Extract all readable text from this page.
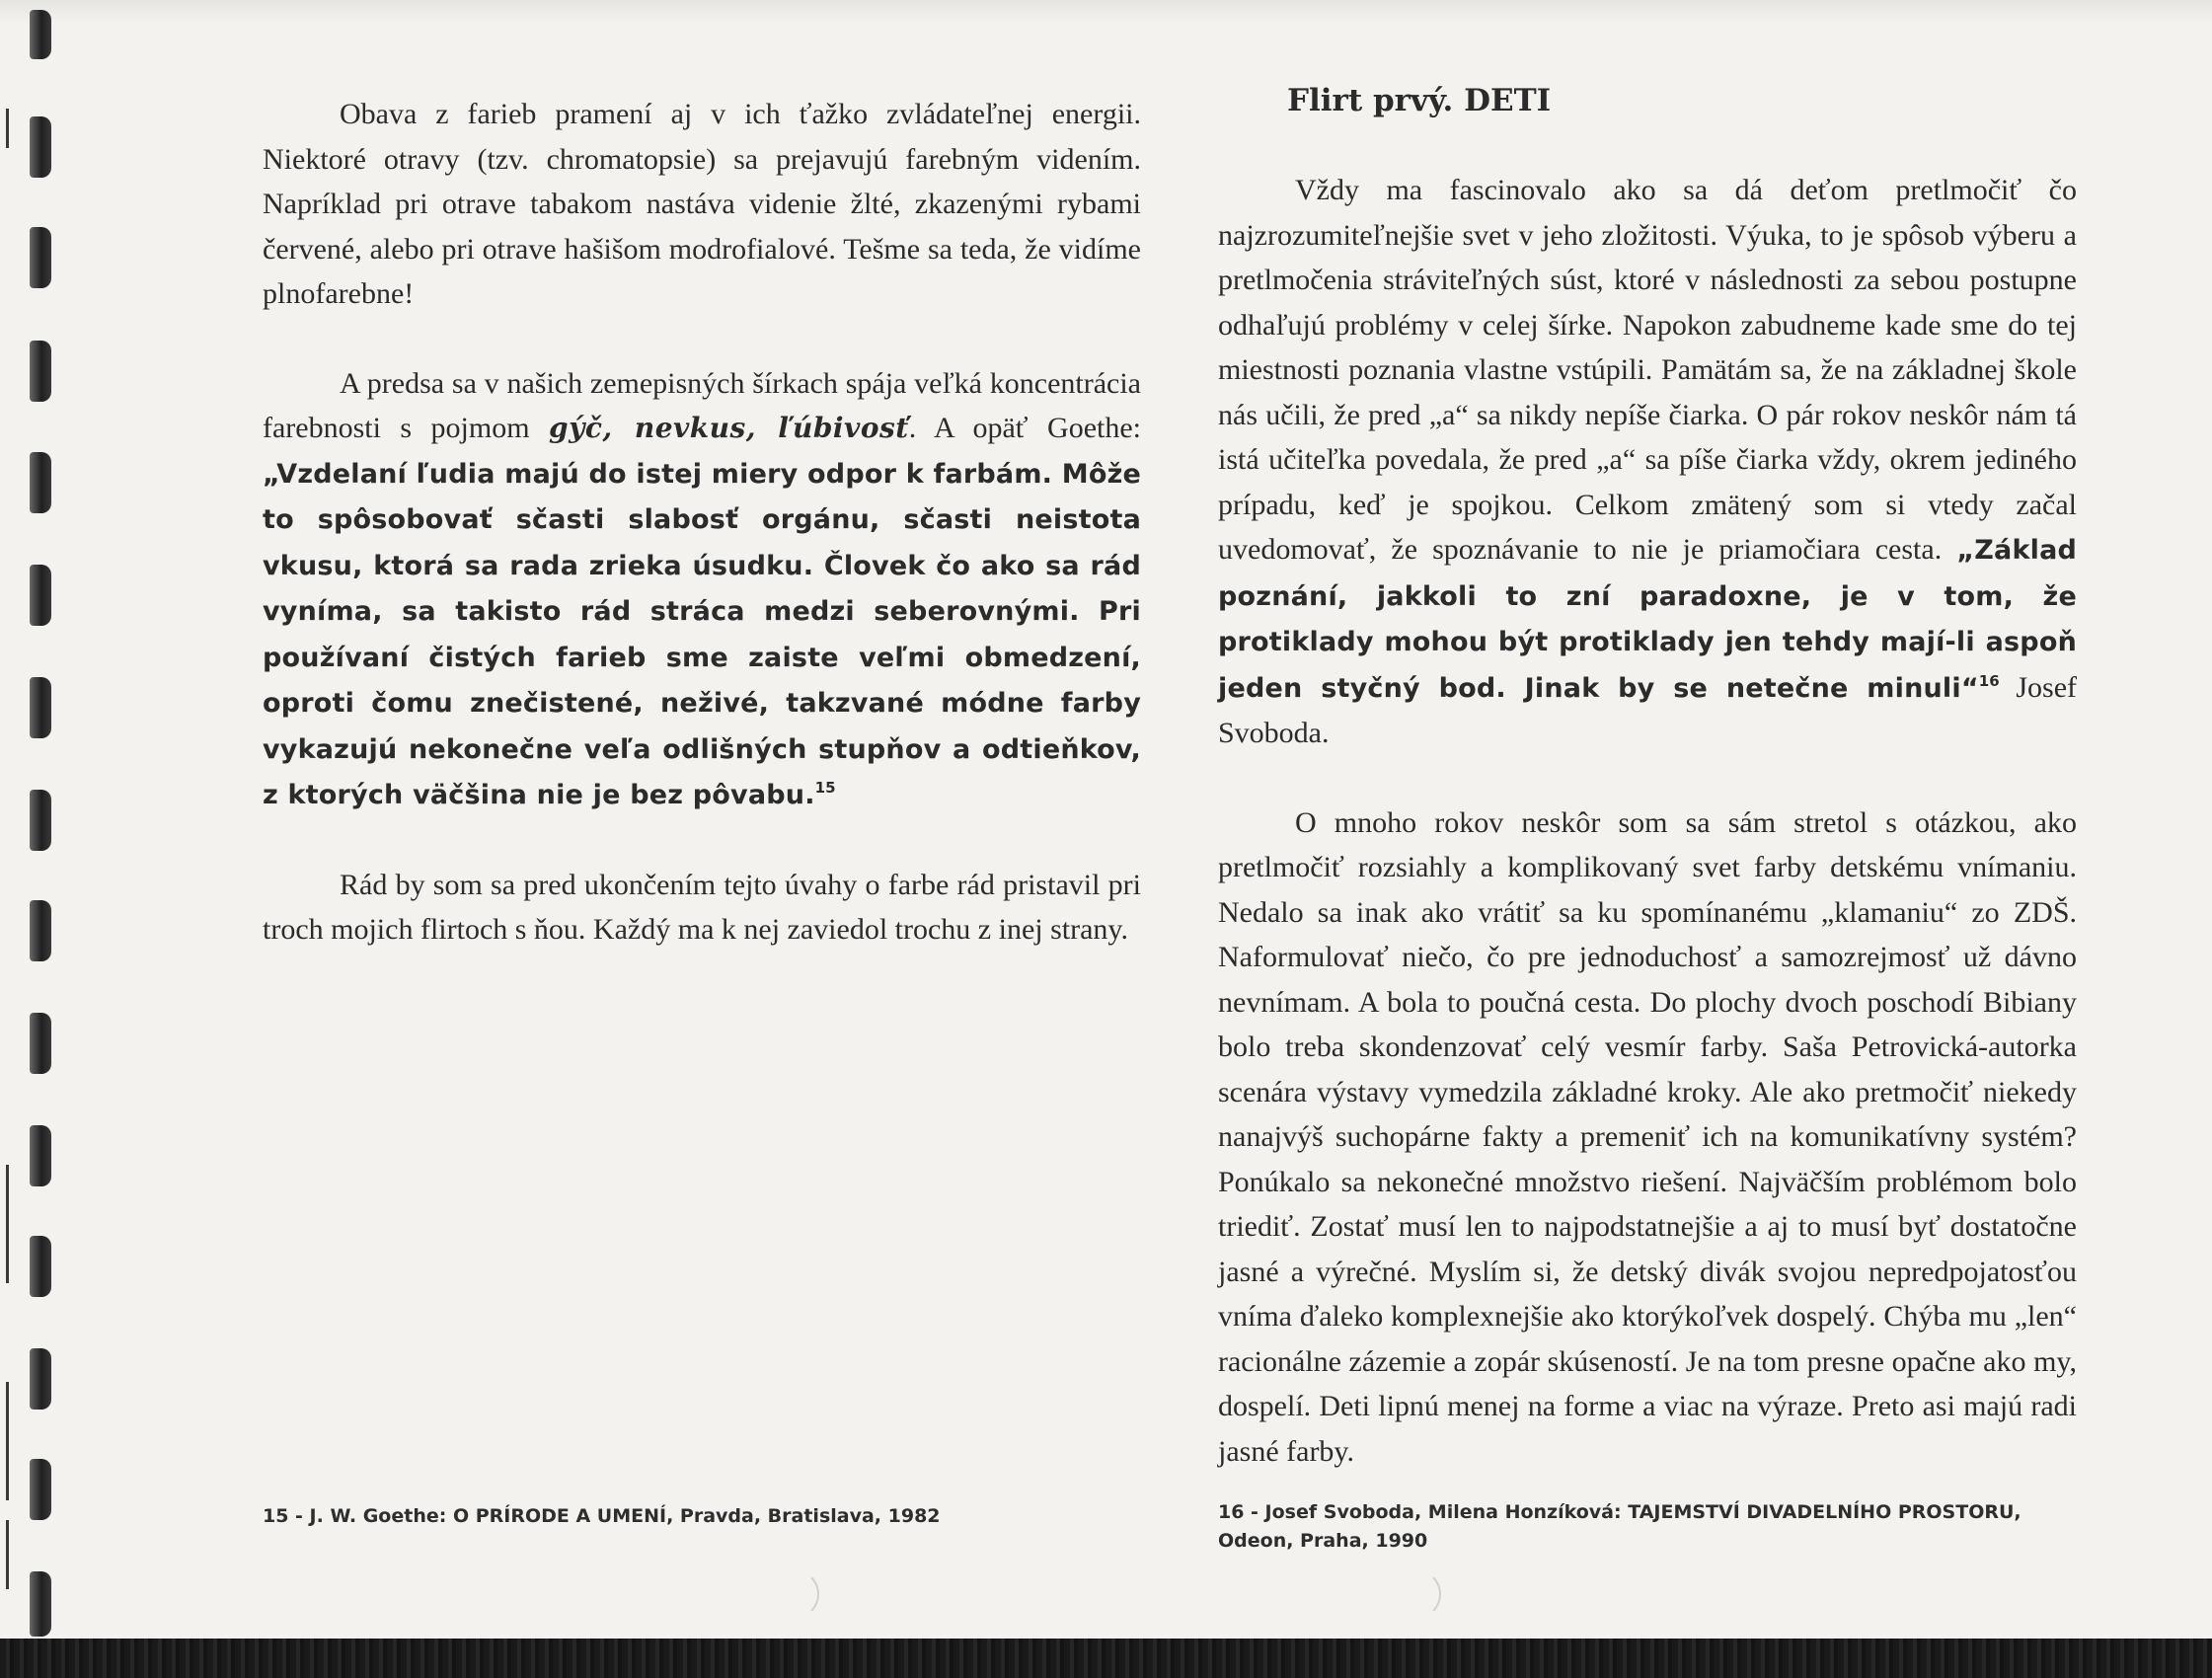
Obava z farieb pramení aj v ich ťažko zvládateľnej energii. Niektoré otravy (tzv. chromatopsie) sa prejavujú farebným videním. Napríklad pri otrave tabakom nastáva videnie žlté, zkazenými rybami červené, alebo pri otrave hašišom modrofialové. Tešme sa teda, že vidíme plnofarebne!

A predsa sa v našich zemepisných šírkach spája veľká koncentrácia farebnosti s pojmom gýč, nevkus, ľúbivosť. A opäť Goethe: „Vzdelaní ľudia majú do istej miery odpor k farbám. Môže to spôsobovať sčasti slabosť orgánu, sčasti neistota vkusu, ktorá sa rada zrieka úsudku. Človek čo ako sa rád vyníma, sa takisto rád stráca medzi seberovnými. Pri používaní čistých farieb sme zaiste veľmi obmedzení, oproti čomu znečistené, neživé, takzvané módne farby vykazujú nekonečne veľa odlišných stupňov a odtieňkov, z ktorých väčšina nie je bez pôvabu.$^{15}$

Rád by som sa pred ukončením tejto úvahy o farbe rád pristavil pri troch mojich flirtoch s ňou. Každý ma k nej zaviedol trochu z inej strany.

15 - J. W. Goethe: O PRÍRODE A UMENÍ, Pravda, Bratislava, 1982
Flirt prvý. DETI

Vždy ma fascinovalo ako sa dá deťom pretlmočiť čo najzrozumiteľnejšie svet v jeho zložitosti. Výuka, to je spôsob výberu a pretlmočenia stráviteľných súst, ktoré v následnosti za sebou postupne odhaľujú problémy v celej šírke. Napokon zabudneme kade sme do tej miestnosti poznania vlastne vstúpili. Pamätám sa, že na základnej škole nás učili, že pred „a“ sa nikdy nepíše čiarka. O pár rokov neskôr nám tá istá učiteľka povedala, že pred „a“ sa píše čiarka vždy, okrem jediného prípadu, keď je spojkou. Celkom zmätený som si vtedy začal uvedomovať, že spoznávanie to nie je priamočiara cesta. „Základ poznání, jakkoli to zní paradoxne, je v tom, že protiklady mohou být protiklady jen tehdy mají-li aspoň jeden styčný bod. Jinak by se netečne minuli“$^{16}$ Josef Svoboda.

O mnoho rokov neskôr som sa sám stretol s otázkou, ako pretlmočiť rozsiahly a komplikovaný svet farby detskému vnímaniu. Nedalo sa inak ako vrátiť sa ku spomínanému „klamaniu“ zo ZDŠ. Naformulovať niečo, čo pre jednoduchosť a samozrejmosť už dávno nevnímam. A bola to poučná cesta. Do plochy dvoch poschodí Bibiany bolo treba skondenzovať celý vesmír farby. Saša Petrovická-autorka scenára výstavy vymedzila základné kroky. Ale ako pretmočiť niekedy nanajvýš suchopárne fakty a premeniť ich na komunikatívny systém? Ponúkalo sa nekonečné množstvo riešení. Najväčším problémom bolo triediť. Zostať musí len to najpodstatnejšie a aj to musí byť dostatočne jasné a výrečné. Myslím si, že detský divák svojou nepredpojatosťou vníma ďaleko komplexnejšie ako ktorýkoľvek dospelý. Chýba mu „len“ racionálne zázemie a zopár skúseností. Je na tom presne opačne ako my, dospelí. Deti lipnú menej na forme a viac na výraze. Preto asi majú radi jasné farby.

16 - Josef Svoboda, Milena Honzíková: TAJEMSTVÍ DIVADELNÍHO PROSTORU, Odeon, Praha, 1990
